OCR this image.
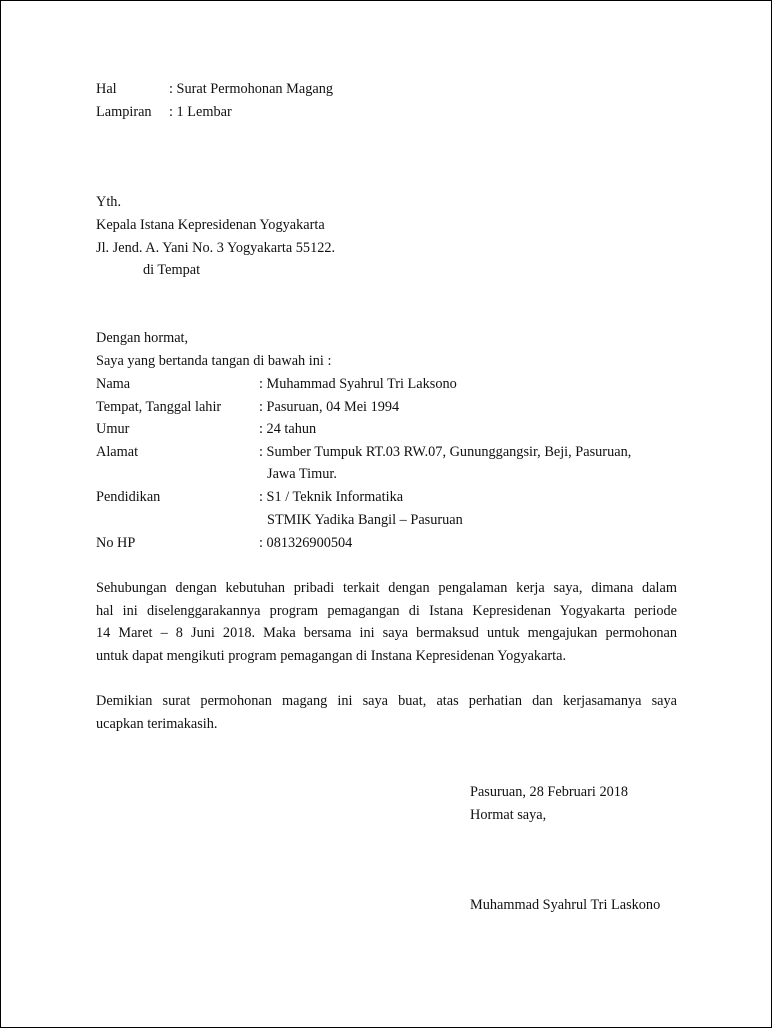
Hal	: Surat Permohonan Magang
Lampiran : 1 Lembar
Yth.
Kepala Istana Kepresidenan Yogyakarta
Jl. Jend. A. Yani No. 3 Yogyakarta 55122.
di Tempat
Dengan hormat,
Saya yang bertanda tangan di bawah ini :
Nama	: Muhammad Syahrul Tri Laksono
Tempat, Tanggal lahir	: Pasuruan, 04 Mei 1994
Umur	: 24 tahun
Alamat	: Sumber Tumpuk RT.03 RW.07, Gununggangsir, Beji, Pasuruan,
Jawa Timur.
Pendidikan	: S1 / Teknik Informatika
STMIK Yadika Bangil – Pasuruan
No HP	: 081326900504
Sehubungan dengan kebutuhan pribadi terkait dengan pengalaman kerja saya, dimana dalam
hal ini diselenggarakannya program pemagangan di Istana Kepresidenan Yogyakarta periode
14 Maret – 8 Juni 2018. Maka bersama ini saya bermaksud untuk mengajukan permohonan
untuk dapat mengikuti program pemagangan di Instana Kepresidenan Yogyakarta.
Demikian surat permohonan magang ini saya buat, atas perhatian dan kerjasamanya saya
ucapkan terimakasih.
Pasuruan, 28 Februari 2018
Hormat saya,
Muhammad Syahrul Tri Laskono
